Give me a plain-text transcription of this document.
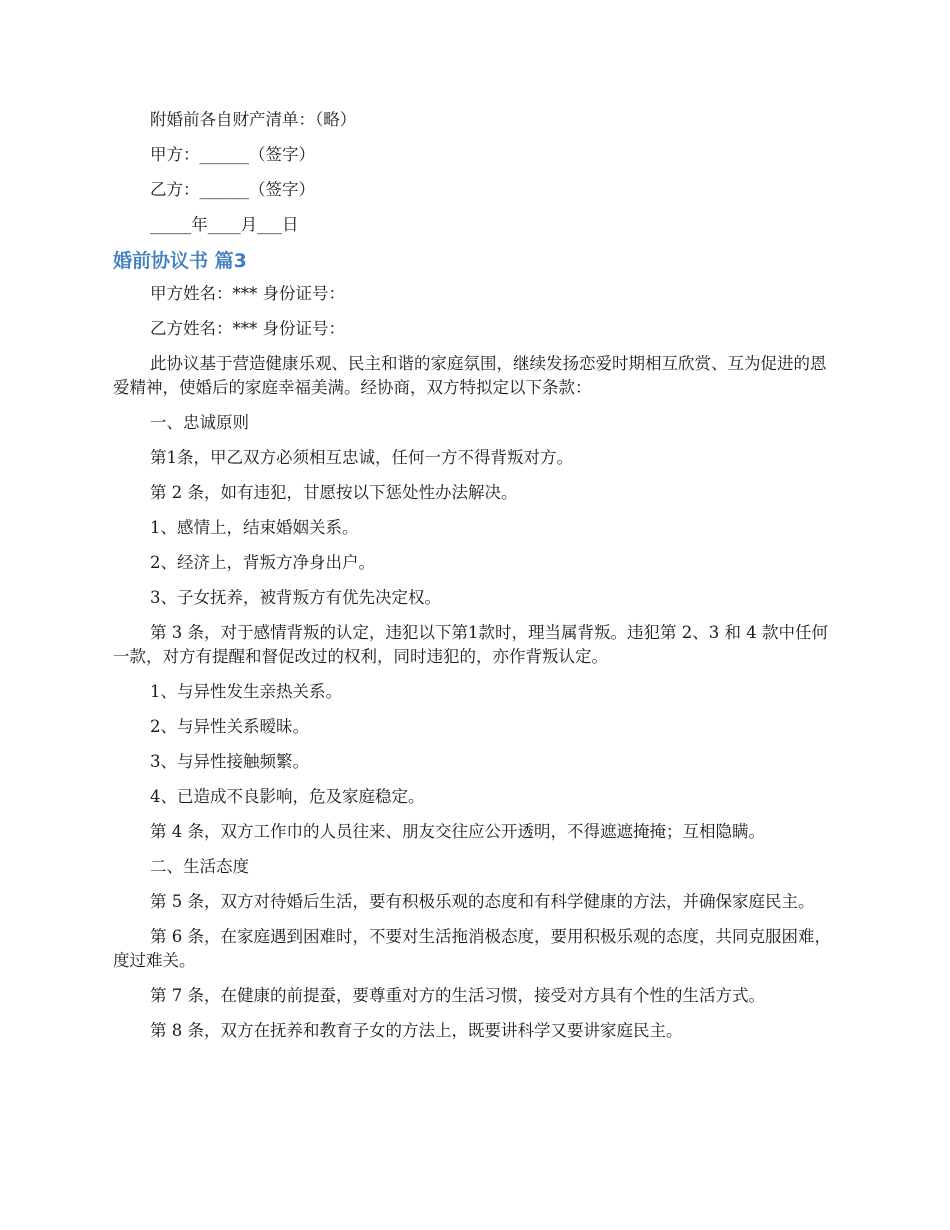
附婚前各自财产清单：（略）

甲方：______（签字）

乙方：______（签字）

_____年____月___日

婚前协议书 篇3

甲方姓名：*** 身份证号：

乙方姓名：*** 身份证号：

此协议基于营造健康乐观、民主和谐的家庭氛围，继续发扬恋爱时期相互欣赏、互为促进的恩爱精神，使婚后的家庭幸福美满。经协商，双方特拟定以下条款：

一、忠诚原则

第1条，甲乙双方必须相互忠诚，任何一方不得背叛对方。

第 2 条，如有违犯，甘愿按以下惩处性办法解决。

1、感情上，结束婚姻关系。

2、经济上，背叛方净身出户。

3、子女抚养，被背叛方有优先决定权。

第 3 条，对于感情背叛的认定，违犯以下第1款时，理当属背叛。违犯第 2、3 和 4 款中任何一款，对方有提醒和督促改过的权利，同时违犯的，亦作背叛认定。

1、与异性发生亲热关系。

2、与异性关系暧昧。

3、与异性接触频繁。

4、已造成不良影响，危及家庭稳定。

第 4 条，双方工作巾的人员往来、朋友交往应公开透明，不得遮遮掩掩；互相隐瞒。

二、生活态度

第 5 条，双方对待婚后生活，要有积极乐观的态度和有科学健康的方法，并确保家庭民主。

第 6 条，在家庭遇到困难时，不要对生活拖消极态度，要用积极乐观的态度，共同克服困难，度过难关。

第 7 条，在健康的前提蚕，要尊重对方的生活习惯，接受对方具有个性的生活方式。

第 8 条，双方在抚养和教育子女的方法上，既要讲科学又要讲家庭民主。
